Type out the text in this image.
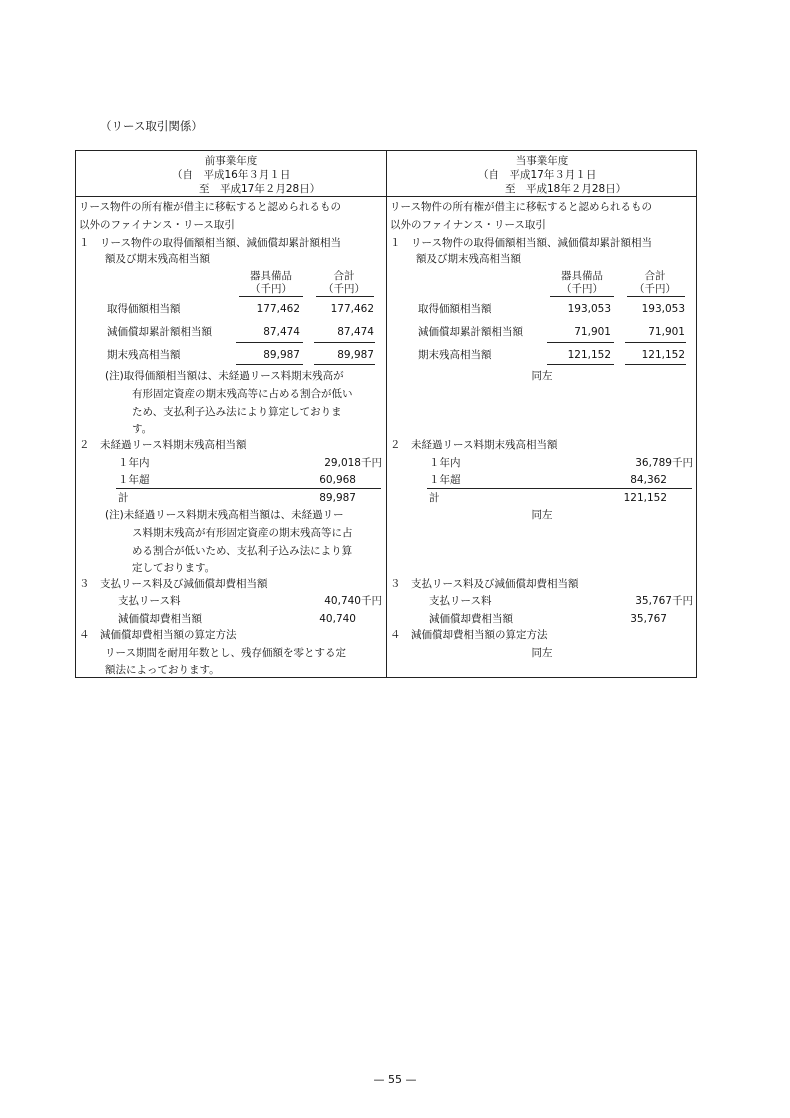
（リース取引関係）
前事業年度
（自　平成16年３月１日
至　平成17年２月28日）
リース物件の所有権が借主に移転すると認められるもの
以外のファイナンス・リース取引
１　リース物件の取得価額相当額、減価償却累計額相当
額及び期末残高相当額
器具備品	合計
（千円）	（千円）
取得価額相当額	177,462	177,462
減価償却累計額相当額	87,474	87,474
期末残高相当額	89,987	89,987
(注)取得価額相当額は、未経過リース料期末残高が
有形固定資産の期末残高等に占める割合が低い
ため、支払利子込み法により算定しておりま
す。
２　未経過リース料期末残高相当額
１年内	29,018千円
１年超	60,968
計	89,987
(注)未経過リース料期末残高相当額は、未経過リー
ス料期末残高が有形固定資産の期末残高等に占
める割合が低いため、支払利子込み法により算
定しております。
３　支払リース料及び減価償却費相当額
支払リース料	40,740千円
減価償却費相当額	40,740
４　減価償却費相当額の算定方法
リース期間を耐用年数とし、残存価額を零とする定
額法によっております。
当事業年度
（自　平成17年３月１日
至　平成18年２月28日）
リース物件の所有権が借主に移転すると認められるもの
以外のファイナンス・リース取引
１　リース物件の取得価額相当額、減価償却累計額相当
額及び期末残高相当額
器具備品	合計
（千円）	（千円）
取得価額相当額	193,053	193,053
減価償却累計額相当額	71,901	71,901
期末残高相当額	121,152	121,152
同左
２　未経過リース料期末残高相当額
１年内	36,789千円
１年超	84,362
計	121,152
同左
３　支払リース料及び減価償却費相当額
支払リース料	35,767千円
減価償却費相当額	35,767
４　減価償却費相当額の算定方法
同左
— 55 —
